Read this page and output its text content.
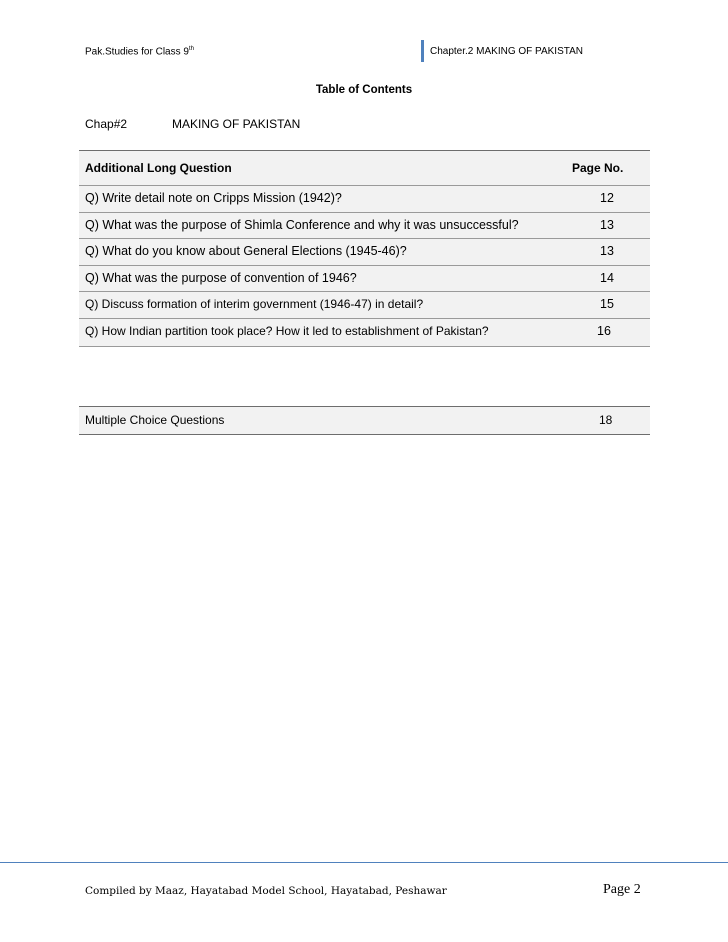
Pak.Studies for Class 9th	Chapter.2 MAKING OF PAKISTAN
Table of Contents
Chap#2	MAKING OF PAKISTAN
Additional Long Question	Page No.
Q) Write detail note on Cripps Mission (1942)?	12
Q) What was the purpose of Shimla Conference and why it was unsuccessful?	13
Q) What do you know about General Elections (1945-46)?	13
Q) What was the purpose of convention of 1946?	14
Q) Discuss formation of interim government (1946-47) in detail?	15
Q) How Indian partition took place? How it led to establishment of Pakistan?	16
Multiple Choice Questions	18
Compiled by Maaz, Hayatabad Model School, Hayatabad, Peshawar	Page 2
